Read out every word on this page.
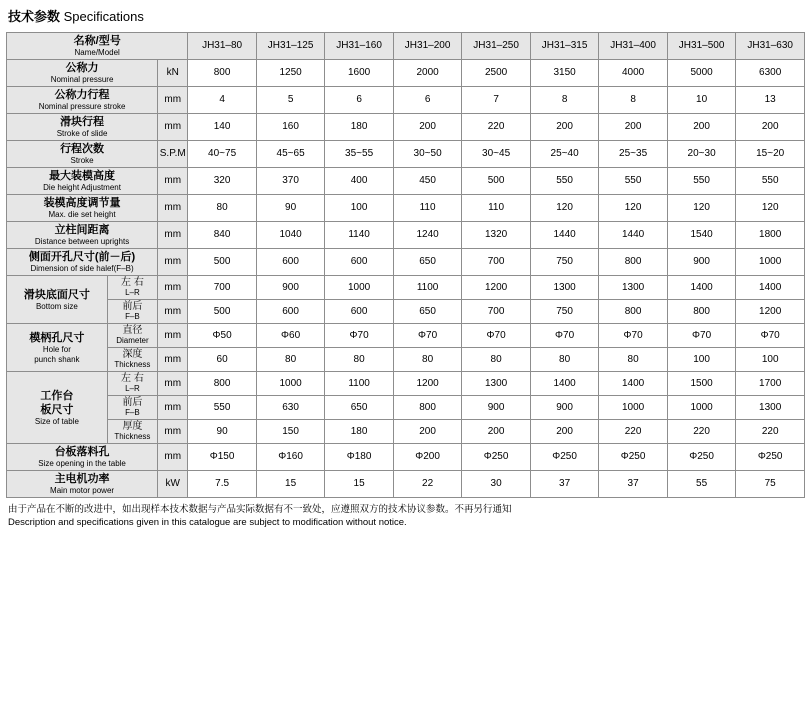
技术参数 Specifications
名称/型号
Name/Model			JH31–80	JH31–125	JH31–160	JH31–200	JH31–250	JH31–315	JH31–400	JH31–500	JH31–630

公称力
Nominal pressure		kN	800	1250	1600	2000	2500	3150	4000	5000	6300

公称力行程
Nominal pressure stroke		mm	4	5	6	6	7	8	8	10	13

滑块行程
Stroke of slide		mm	140	160	180	200	220	200	200	200	200

行程次数
Stroke		S.P.M	40~75	45~65	35~55	30~50	30~45	25~40	25~35	20~30	15~20

最大装模高度
Die height Adjustment		mm	320	370	400	450	500	550	550	550	550

装模高度调节量
Max. die set height		mm	80	90	100	110	110	120	120	120	120

立柱间距离
Distance between uprights		mm	840	1040	1140	1240	1320	1440	1440	1540	1800

侧面开孔尺寸(前－后)
Dimension of side halef(F–B)		mm	500	600	600	650	700	750	800	900	1000

滑块底面尺寸
Bottom size	左 右
L–R	mm	700	900	1000	1100	1200	1300	1300	1400	1400

	前后
F–B	mm	500	600	600	650	700	750	800	800	1200

模柄孔尺寸
Hole for
punch shank	直径
Diameter	mm	Φ50	Φ60	Φ70	Φ70	Φ70	Φ70	Φ70	Φ70	Φ70

	深度
Thickness	mm	60	80	80	80	80	80	80	100	100

工作台
板尺寸
Size of table	左 右
L–R	mm	800	1000	1100	1200	1300	1400	1400	1500	1700

	前后
F–B	mm	550	630	650	800	900	900	1000	1000	1300

	厚度
Thickness	mm	90	150	180	200	200	200	220	220	220

台板落料孔
Size opening in the table		mm	Φ150	Φ160	Φ180	Φ200	Φ250	Φ250	Φ250	Φ250	Φ250

主电机功率
Main motor power		kW	7.5	15	15	22	30	37	37	55	75
由于产品在不断的改进中，如出现样本技术数据与产品实际数据有不一致处，应遵照双方的技术协议参数。不再另行通知
Description and specifications given in this catalogue are subject to modification without notice.
